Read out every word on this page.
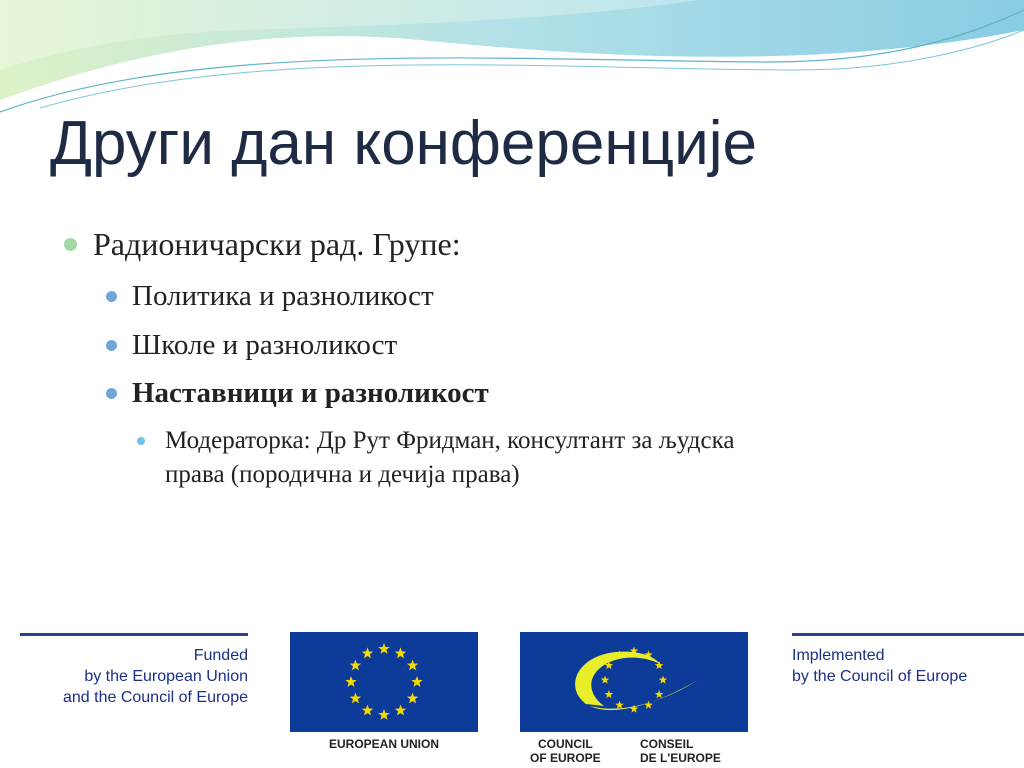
Други дан конференције
Радионичарски рад. Групе:
Политика и разноликост
Школе и разноликост
Наставници и разноликост
Модераторка: Др Рут Фридман, консултант за људска
права (породична и дечија права)
Funded
by the European Union
and the Council of Europe
EUROPEAN UNION	COUNCIL
OF EUROPE
CONSEIL
DE L'EUROPE
Implemented
by the Council of Europe
